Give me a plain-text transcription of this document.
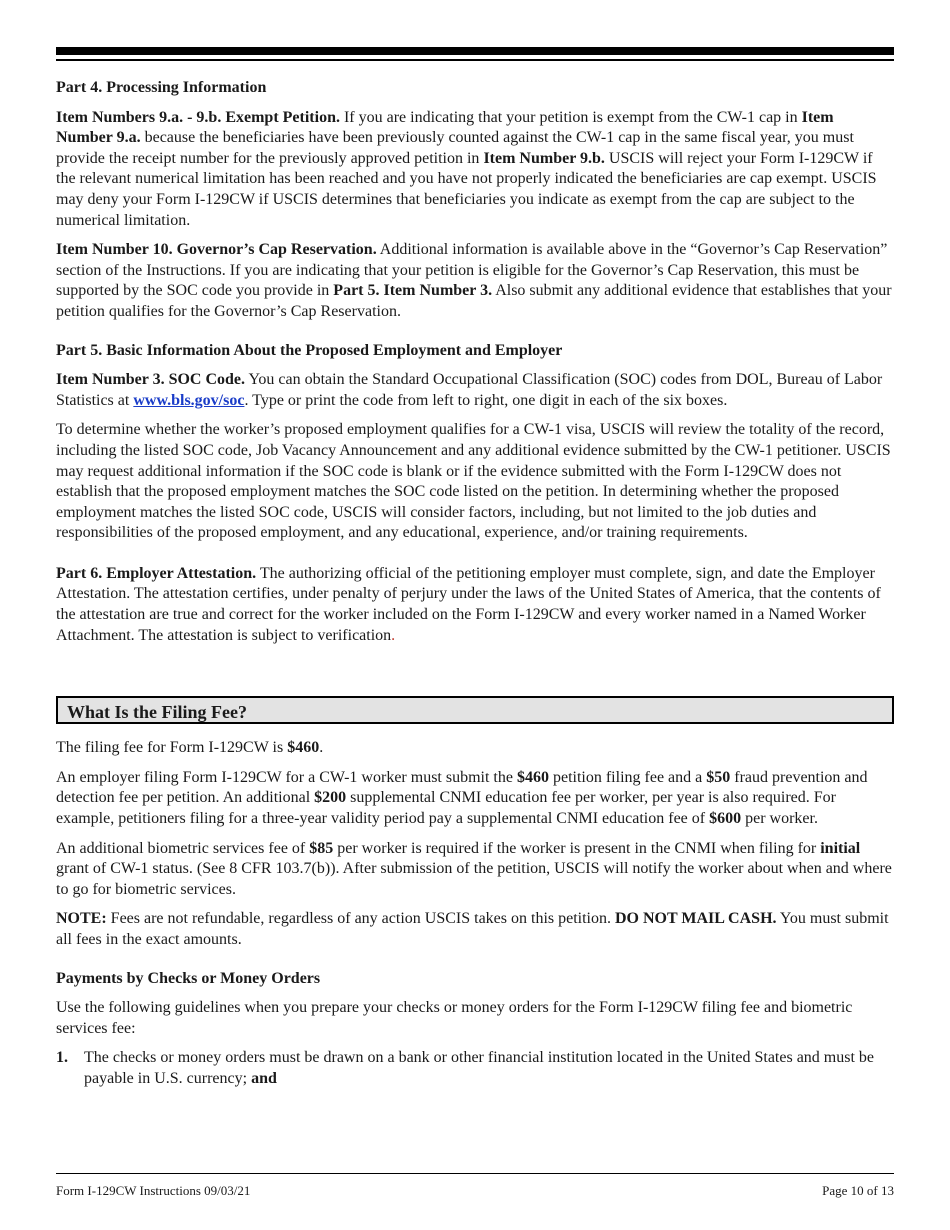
Part 4. Processing Information

Item Numbers 9.a. - 9.b. Exempt Petition. If you are indicating that your petition is exempt from the CW-1 cap in Item Number 9.a. because the beneficiaries have been previously counted against the CW-1 cap in the same fiscal year, you must provide the receipt number for the previously approved petition in Item Number 9.b. USCIS will reject your Form I-129CW if the relevant numerical limitation has been reached and you have not properly indicated the beneficiaries are cap exempt. USCIS may deny your Form I-129CW if USCIS determines that beneficiaries you indicate as exempt from the cap are subject to the numerical limitation.

Item Number 10. Governor’s Cap Reservation. Additional information is available above in the “Governor’s Cap Reservation” section of the Instructions. If you are indicating that your petition is eligible for the Governor’s Cap Reservation, this must be supported by the SOC code you provide in Part 5. Item Number 3. Also submit any additional evidence that establishes that your petition qualifies for the Governor’s Cap Reservation.

Part 5. Basic Information About the Proposed Employment and Employer

Item Number 3. SOC Code. You can obtain the Standard Occupational Classification (SOC) codes from DOL, Bureau of Labor Statistics at www.bls.gov/soc. Type or print the code from left to right, one digit in each of the six boxes.

To determine whether the worker’s proposed employment qualifies for a CW-1 visa, USCIS will review the totality of the record, including the listed SOC code, Job Vacancy Announcement and any additional evidence submitted by the CW-1 petitioner. USCIS may request additional information if the SOC code is blank or if the evidence submitted with the Form I-129CW does not establish that the proposed employment matches the SOC code listed on the petition. In determining whether the proposed employment matches the listed SOC code, USCIS will consider factors, including, but not limited to the job duties and responsibilities of the proposed employment, and any educational, experience, and/or training requirements.

Part 6. Employer Attestation. The authorizing official of the petitioning employer must complete, sign, and date the Employer Attestation. The attestation certifies, under penalty of perjury under the laws of the United States of America, that the contents of the attestation are true and correct for the worker included on the Form I-129CW and every worker named in a Named Worker Attachment. The attestation is subject to verification.

What Is the Filing Fee?

The filing fee for Form I-129CW is $460.

An employer filing Form I-129CW for a CW-1 worker must submit the $460 petition filing fee and a $50 fraud prevention and detection fee per petition. An additional $200 supplemental CNMI education fee per worker, per year is also required. For example, petitioners filing for a three-year validity period pay a supplemental CNMI education fee of $600 per worker.

An additional biometric services fee of $85 per worker is required if the worker is present in the CNMI when filing for initial grant of CW-1 status. (See 8 CFR 103.7(b)). After submission of the petition, USCIS will notify the worker about when and where to go for biometric services.

NOTE: Fees are not refundable, regardless of any action USCIS takes on this petition. DO NOT MAIL CASH. You must submit all fees in the exact amounts.

Payments by Checks or Money Orders

Use the following guidelines when you prepare your checks or money orders for the Form I-129CW filing fee and biometric services fee:

1.	The checks or money orders must be drawn on a bank or other financial institution located in the United States and must be payable in U.S. currency; and
Form I-129CW Instructions 09/03/21	Page 10 of 13
